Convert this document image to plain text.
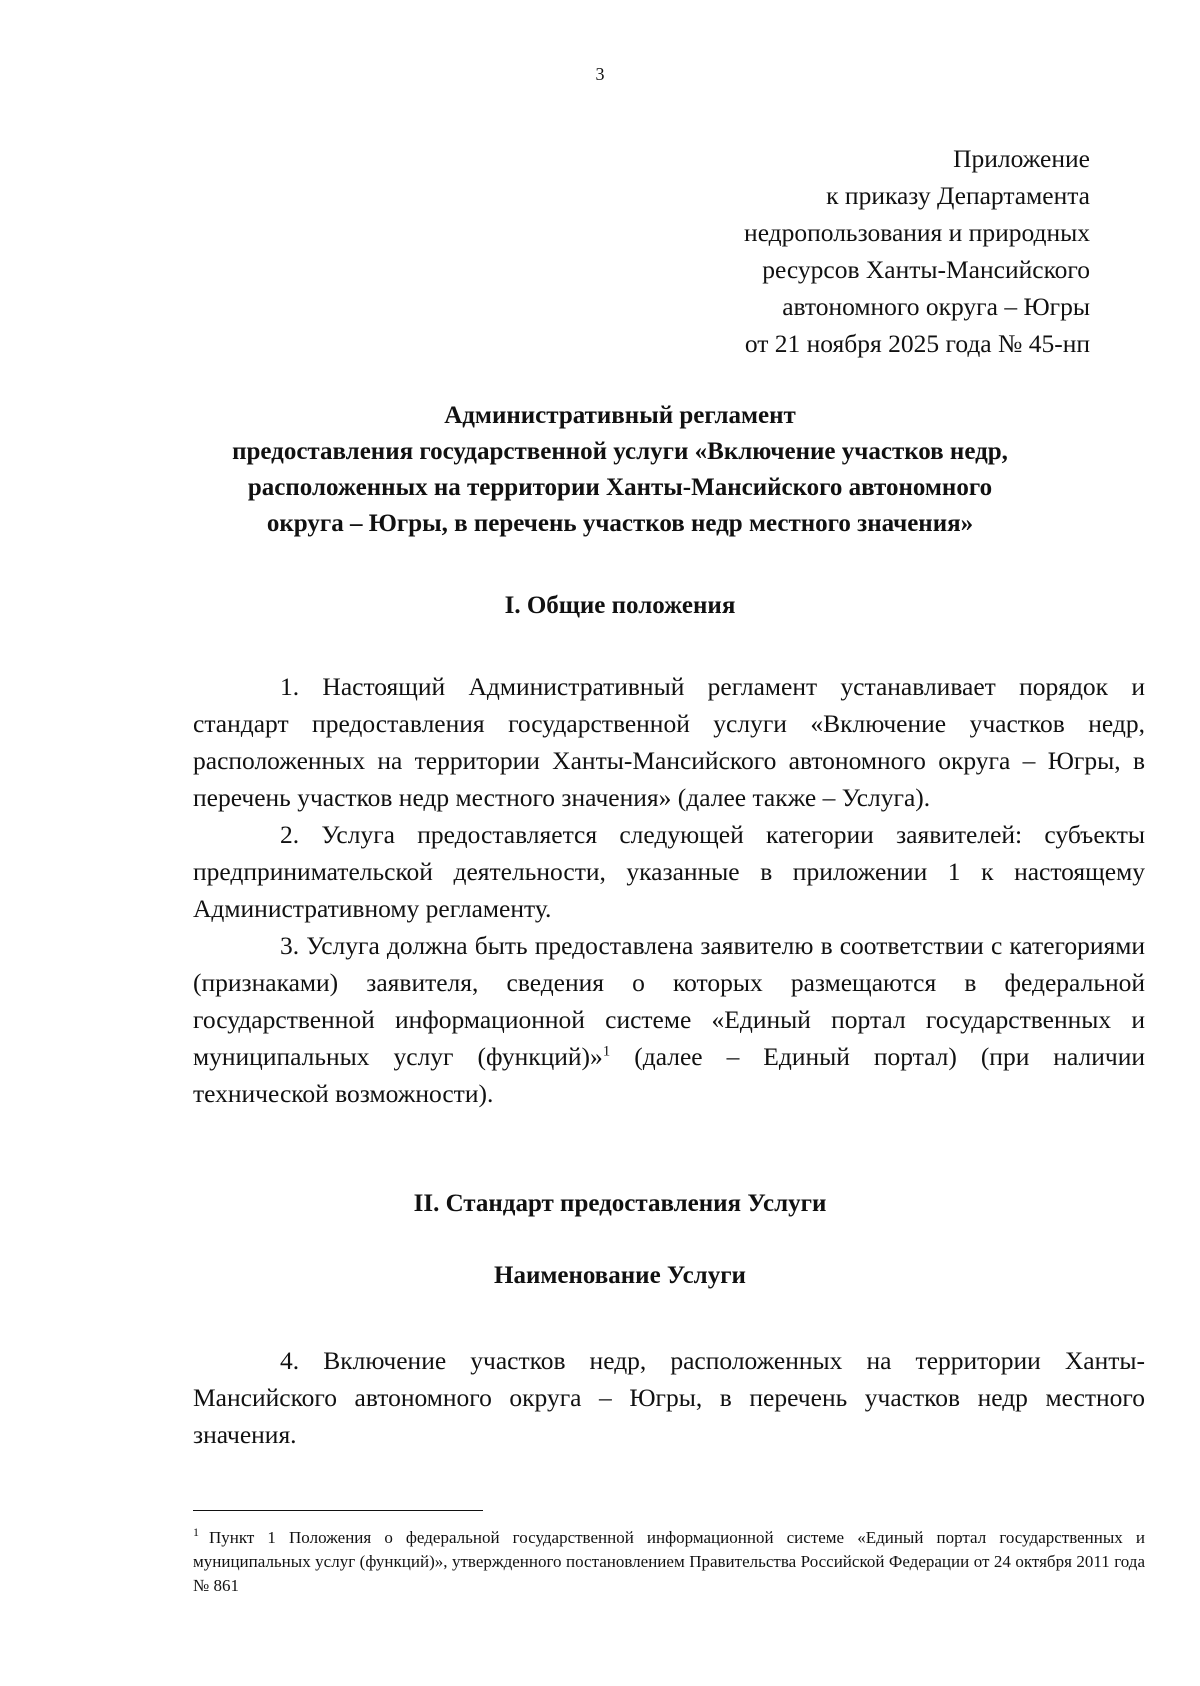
3
Приложение
к приказу Департамента
недропользования и природных
ресурсов Ханты-Мансийского
автономного округа – Югры
от 21 ноября 2025 года № 45-нп
Административный регламент
предоставления государственной услуги «Включение участков недр,
расположенных на территории Ханты-Мансийского автономного
округа – Югры, в перечень участков недр местного значения»
I. Общие положения

1. Настоящий Административный регламент устанавливает порядок и стандарт предоставления государственной услуги «Включение участков недр, расположенных на территории Ханты-Мансийского автономного округа – Югры, в перечень участков недр местного значения» (далее также – Услуга).

2. Услуга предоставляется следующей категории заявителей: субъекты предпринимательской деятельности, указанные в приложении 1 к настоящему Административному регламенту.

3. Услуга должна быть предоставлена заявителю в соответствии с категориями (признаками) заявителя, сведения о которых размещаются в федеральной государственной информационной системе «Единый портал государственных и муниципальных услуг (функций)»$^1$ (далее – Единый портал) (при наличии технической возможности).

II. Стандарт предоставления Услуги
Наименование Услуги

4. Включение участков недр, расположенных на территории Ханты-Мансийского автономного округа – Югры, в перечень участков недр местного значения.

$^1$ Пункт 1 Положения о федеральной государственной информационной системе «Единый портал государственных и муниципальных услуг (функций)», утвержденного постановлением Правительства Российской Федерации от 24 октября 2011 года № 861
